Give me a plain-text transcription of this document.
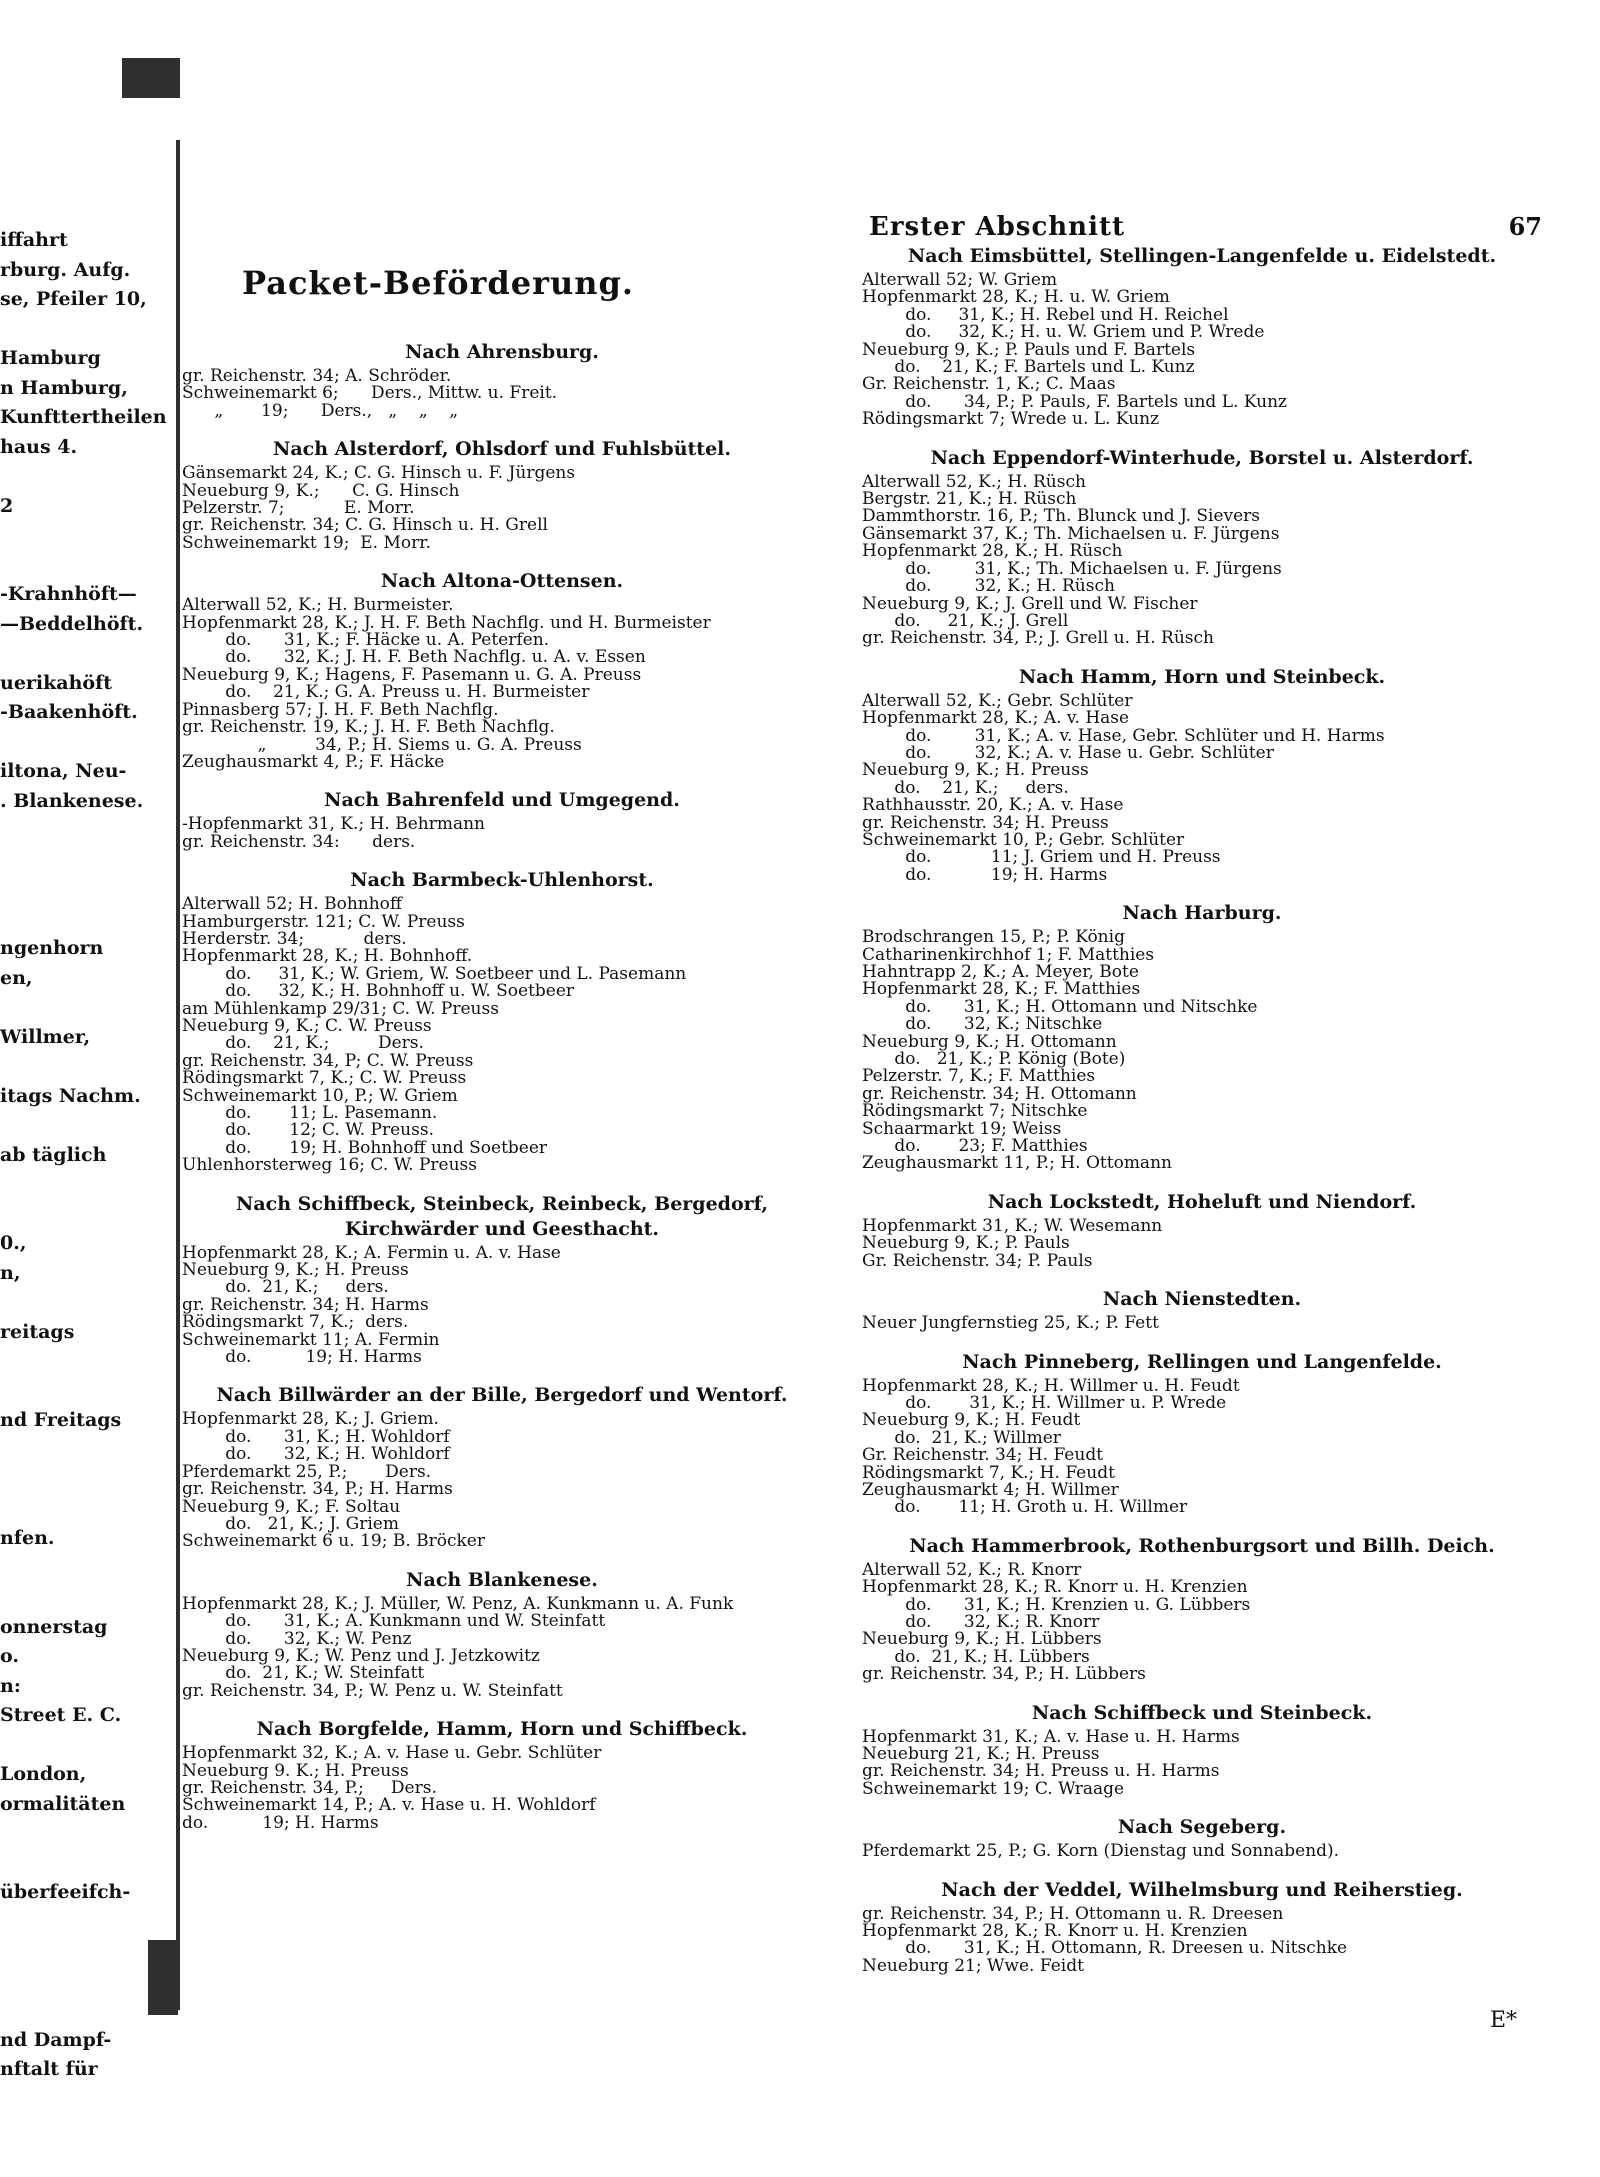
iffahrt
rburg. Aufg.
se, Pfeiler 10,
Hamburg
n Hamburg,
Kunfttertheilen
haus 4.
2
-Krahnhöft—
—Beddelhöft.
uerikahöft
-Baakenhöft.
iltona, Neu-
. Blankenese.
ngenhorn
en,
Willmer,
itags Nachm.
ab täglich
0.,
n,
reitags
nd Freitags
nfen.
onnerstag
o.
n:
Street E. C.
London,
ormalitäten
überfeeifch-
nd Dampf-
nftalt für
Erster Abschnitt	67
Packet-Beförderung.
Nach Ahrensburg.
gr. Reichenstr. 34; A. Schröder.
Schweinemarkt 6;      Ders., Mittw. u. Freit.
„       19;      Ders.,   „    „    „
Nach Alsterdorf, Ohlsdorf und Fuhlsbüttel.
Gänsemarkt 24, K.; C. G. Hinsch u. F. Jürgens
Neueburg 9, K.;      C. G. Hinsch
Pelzerstr. 7;           E. Morr.
gr. Reichenstr. 34; C. G. Hinsch u. H. Grell
Schweinemarkt 19;  E. Morr.
Nach Altona-Ottensen.
Alterwall 52, K.; H. Burmeister.
Hopfenmarkt 28, K.; J. H. F. Beth Nachflg. und H. Burmeister
do.      31, K.; F. Häcke u. A. Peterfen.
do.      32, K.; J. H. F. Beth Nachflg. u. A. v. Essen
Neueburg 9, K.; Hagens, F. Pasemann u. G. A. Preuss
do.    21, K.; G. A. Preuss u. H. Burmeister
Pinnasberg 57; J. H. F. Beth Nachflg.
gr. Reichenstr. 19, K.; J. H. F. Beth Nachflg.
„         34, P.; H. Siems u. G. A. Preuss
Zeughausmarkt 4, P.; F. Häcke
Nach Bahrenfeld und Umgegend.
-Hopfenmarkt 31, K.; H. Behrmann
gr. Reichenstr. 34:      ders.
Nach Barmbeck-Uhlenhorst.
Alterwall 52; H. Bohnhoff
Hamburgerstr. 121; C. W. Preuss
Herderstr. 34;           ders.
Hopfenmarkt 28, K.; H. Bohnhoff.
do.     31, K.; W. Griem, W. Soetbeer und L. Pasemann
do.     32, K.; H. Bohnhoff u. W. Soetbeer
am Mühlenkamp 29/31; C. W. Preuss
Neueburg 9, K.; C. W. Preuss
do.    21, K.;         Ders.
gr. Reichenstr. 34, P; C. W. Preuss
Rödingsmarkt 7, K.; C. W. Preuss
Schweinemarkt 10, P.; W. Griem
do.       11; L. Pasemann.
do.       12; C. W. Preuss.
do.       19; H. Bohnhoff und Soetbeer
Uhlenhorsterweg 16; C. W. Preuss
Nach Schiffbeck, Steinbeck, Reinbeck, Bergedorf, Kirchwärder und Geesthacht.
Hopfenmarkt 28, K.; A. Fermin u. A. v. Hase
Neueburg 9, K.; H. Preuss
do.  21, K.;     ders.
gr. Reichenstr. 34; H. Harms
Rödingsmarkt 7, K.;  ders.
Schweinemarkt 11; A. Fermin
do.          19; H. Harms
Nach Billwärder an der Bille, Bergedorf und Wentorf.
Hopfenmarkt 28, K.; J. Griem.
do.      31, K.; H. Wohldorf
do.      32, K.; H. Wohldorf
Pferdemarkt 25, P.;       Ders.
gr. Reichenstr. 34, P.; H. Harms
Neueburg 9, K.; F. Soltau
do.   21, K.; J. Griem
Schweinemarkt 6 u. 19; B. Bröcker
Nach Blankenese.
Hopfenmarkt 28, K.; J. Müller, W. Penz, A. Kunkmann u. A. Funk
do.      31, K.; A. Kunkmann und W. Steinfatt
do.      32, K.; W. Penz
Neueburg 9, K.; W. Penz und J. Jetzkowitz
do.  21, K.; W. Steinfatt
gr. Reichenstr. 34, P.; W. Penz u. W. Steinfatt
Nach Borgfelde, Hamm, Horn und Schiffbeck.
Hopfenmarkt 32, K.; A. v. Hase u. Gebr. Schlüter
Neueburg 9. K.; H. Preuss
gr. Reichenstr. 34, P.;     Ders.
Schweinemarkt 14, P.; A. v. Hase u. H. Wohldorf
do.          19; H. Harms
Nach Eimsbüttel, Stellingen-Langenfelde u. Eidelstedt.
Alterwall 52; W. Griem
Hopfenmarkt 28, K.; H. u. W. Griem
do.     31, K.; H. Rebel und H. Reichel
do.     32, K.; H. u. W. Griem und P. Wrede
Neueburg 9, K.; P. Pauls und F. Bartels
do.    21, K.; F. Bartels und L. Kunz
Gr. Reichenstr. 1, K.; C. Maas
do.      34, P.; P. Pauls, F. Bartels und L. Kunz
Rödingsmarkt 7; Wrede u. L. Kunz
Nach Eppendorf-Winterhude, Borstel u. Alsterdorf.
Alterwall 52, K.; H. Rüsch
Bergstr. 21, K.; H. Rüsch
Dammthorstr. 16, P.; Th. Blunck und J. Sievers
Gänsemarkt 37, K.; Th. Michaelsen u. F. Jürgens
Hopfenmarkt 28, K.; H. Rüsch
do.        31, K.; Th. Michaelsen u. F. Jürgens
do.        32, K.; H. Rüsch
Neueburg 9, K.; J. Grell und W. Fischer
do.     21, K.; J. Grell
gr. Reichenstr. 34, P.; J. Grell u. H. Rüsch
Nach Hamm, Horn und Steinbeck.
Alterwall 52, K.; Gebr. Schlüter
Hopfenmarkt 28, K.; A. v. Hase
do.        31, K.; A. v. Hase, Gebr. Schlüter und H. Harms
do.        32, K.; A. v. Hase u. Gebr. Schlüter
Neueburg 9, K.; H. Preuss
do.    21, K.;     ders.
Rathhausstr. 20, K.; A. v. Hase
gr. Reichenstr. 34; H. Preuss
Schweinemarkt 10, P.; Gebr. Schlüter
do.           11; J. Griem und H. Preuss
do.           19; H. Harms
Nach Harburg.
Brodschrangen 15, P.; P. König
Catharinenkirchhof 1; F. Matthies
Hahntrapp 2, K.; A. Meyer, Bote
Hopfenmarkt 28, K.; F. Matthies
do.      31, K.; H. Ottomann und Nitschke
do.      32, K.; Nitschke
Neueburg 9, K.; H. Ottomann
do.   21, K.; P. König (Bote)
Pelzerstr. 7, K.; F. Matthies
gr. Reichenstr. 34; H. Ottomann
Rödingsmarkt 7; Nitschke
Schaarmarkt 19; Weiss
do.       23; F. Matthies
Zeughausmarkt 11, P.; H. Ottomann
Nach Lockstedt, Hoheluft und Niendorf.
Hopfenmarkt 31, K.; W. Wesemann
Neueburg 9, K.; P. Pauls
Gr. Reichenstr. 34; P. Pauls
Nach Nienstedten.
Neuer Jungfernstieg 25, K.; P. Fett
Nach Pinneberg, Rellingen und Langenfelde.
Hopfenmarkt 28, K.; H. Willmer u. H. Feudt
do.       31, K.; H. Willmer u. P. Wrede
Neueburg 9, K.; H. Feudt
do.  21, K.; Willmer
Gr. Reichenstr. 34; H. Feudt
Rödingsmarkt 7, K.; H. Feudt
Zeughausmarkt 4; H. Willmer
do.       11; H. Groth u. H. Willmer
Nach Hammerbrook, Rothenburgsort und Billh. Deich.
Alterwall 52, K.; R. Knorr
Hopfenmarkt 28, K.; R. Knorr u. H. Krenzien
do.      31, K.; H. Krenzien u. G. Lübbers
do.      32, K.; R. Knorr
Neueburg 9, K.; H. Lübbers
do.  21, K.; H. Lübbers
gr. Reichenstr. 34, P.; H. Lübbers
Nach Schiffbeck und Steinbeck.
Hopfenmarkt 31, K.; A. v. Hase u. H. Harms
Neueburg 21, K.; H. Preuss
gr. Reichenstr. 34; H. Preuss u. H. Harms
Schweinemarkt 19; C. Wraage
Nach Segeberg.
Pferdemarkt 25, P.; G. Korn (Dienstag und Sonnabend).
Nach der Veddel, Wilhelmsburg und Reiherstieg.
gr. Reichenstr. 34, P.; H. Ottomann u. R. Dreesen
Hopfenmarkt 28, K.; R. Knorr u. H. Krenzien
do.      31, K.; H. Ottomann, R. Dreesen u. Nitschke
Neueburg 21; Wwe. Feidt
E*
